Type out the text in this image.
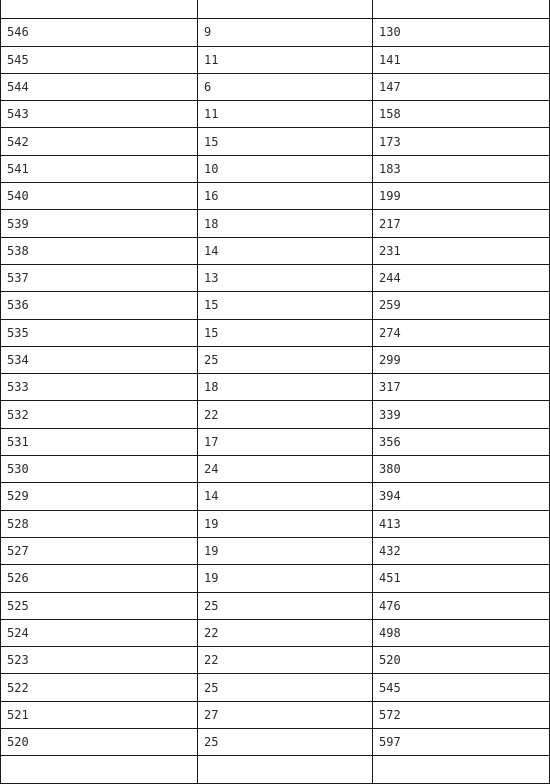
546	9	130
545	11	141
544	6	147
543	11	158
542	15	173
541	10	183
540	16	199
539	18	217
538	14	231
537	13	244
536	15	259
535	15	274
534	25	299
533	18	317
532	22	339
531	17	356
530	24	380
529	14	394
528	19	413
527	19	432
526	19	451
525	25	476
524	22	498
523	22	520
522	25	545
521	27	572
520	25	597
